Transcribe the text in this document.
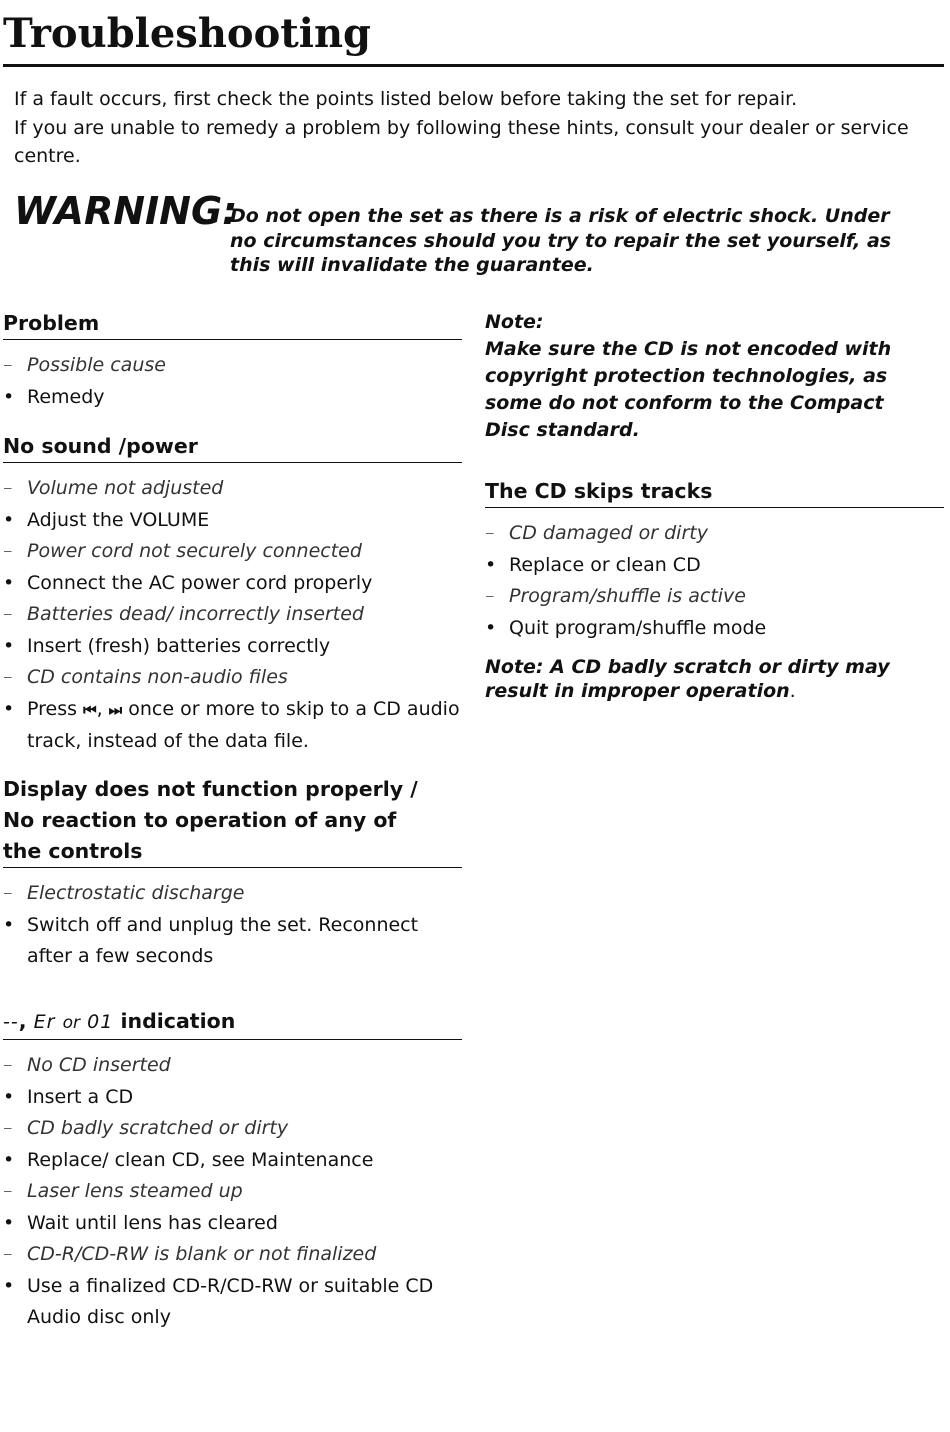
Troubleshooting

If a fault occurs, first check the points listed below before taking the set for repair.

If you are unable to remedy a problem by following these hints, consult your dealer or service centre.

WARNING:

Do not open the set as there is a risk of electric shock. Under no circumstances should you try to repair the set yourself, as this will invalidate the guarantee.

Problem
– Possible cause
• Remedy
No sound /power
– Volume not adjusted
• Adjust the VOLUME
– Power cord not securely connected
• Connect the AC power cord properly
– Batteries dead/ incorrectly inserted
• Insert (fresh) batteries correctly
– CD contains non-audio files
• Press ⏮, ⏭ once or more to skip to a CD audio track, instead of the data file.
Display does not function properly / No reaction to operation of any of the controls
– Electrostatic discharge
• Switch off and unplug the set. Reconnect after a few seconds
--, Er or 01 indication
– No CD inserted
• Insert a CD
– CD badly scratched or dirty
• Replace/ clean CD, see Maintenance
– Laser lens steamed up
• Wait until lens has cleared
– CD-R/CD-RW is blank or not finalized
• Use a finalized CD-R/CD-RW or suitable CD Audio disc only
Note:
Make sure the CD is not encoded with copyright protection technologies, as some do not conform to the Compact Disc standard.
The CD skips tracks
– CD damaged or dirty
• Replace or clean CD
– Program/shuffle is active
• Quit program/shuffle mode

Note: A CD badly scratch or dirty may result in improper operation.
